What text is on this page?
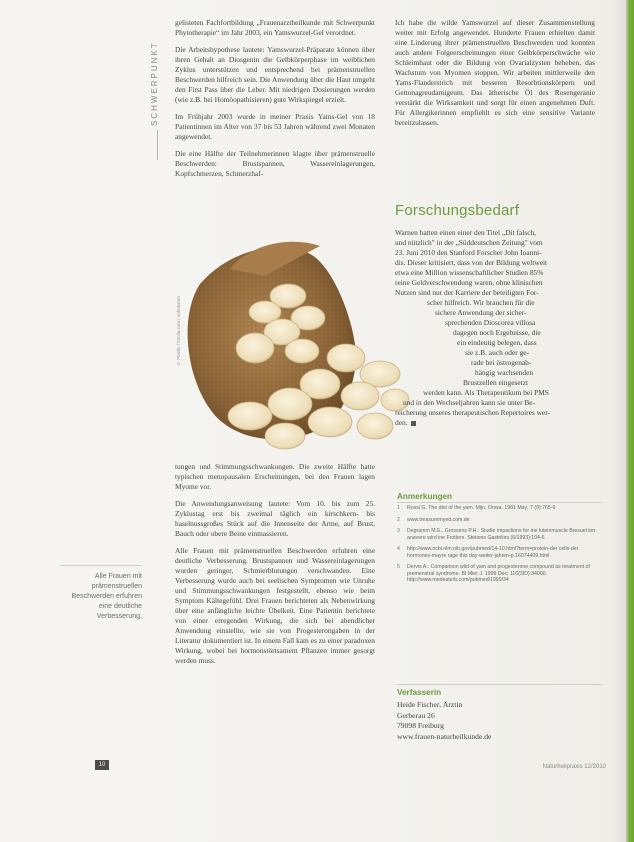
SCHWERPUNKT

gelisteten Fachfortbildung „Frauenarztheilkunde mit Schwerpunkt Phytotherapie“ im Jahr 2003, ein Yamswurzel-Gel verordnet.

Die Arbeitshypothese lautete: Yamswurzel-Präparate können über ihren Gehalt an Diosgenin die Gelbkörperphase im weiblichen Zyklus unterstützen und entsprechend bei prämenstruellen Beschwerden hilfreich sein. Die Anwendung über die Haut umgeht den First Pass über die Leber. Mit niedrigen Dosierungen werden (wie z.B. bei Homöopathisieren) gute Wirkspiegel erzielt.

Im Frühjahr 2003 wurde in meiner Praxis Yams-Gel von 18 Patientinnen im Alter von 37 bis 53 Jahren während zwei Monaten angewendet.

Die eine Hälfte der Teilnehmerinnen klagte über prämenstruelle Beschwerden: Brustspannen, Wassereinlagerungen, Kopfschmerzen, Schmerzhaf-

© Pixelio / fotolia.com / unbekannt

tungen und Stimmungsschwankungen. Die zweite Hälfte hatte typischen menopausalen Erscheinungen, bei den Frauen lagen Myome vor.

Die Anwendungsanweisung lautete: Vom 10. bis zum 25. Zyklustag erst bis zweimal täglich ein kirschkern- bis haselnussgroßes Stück auf die Innenseite der Arme, auf Brust, Bauch oder obere Beine einmassieren.

Alle Frauen mit prämenstruellen Beschwerden erfuhren eine deutliche Verbesserung. Brustspannen und Wassereinlagerungen wurden geringer, Schmierblutungen verschwanden. Eine Verbesserung wurde auch bei seelischen Symptomen wie Unruhe und Stimmungsschwankungen festgestellt, ebenso wie beim Symptom Kältegefühl. Drei Frauen berichteten als Nebenwirkung über eine anfängliche leichte Übelkeit. Eine Patientin berichtete von einer erregenden Wirkung, die sich bei abendlicher Anwendung einstellte, wie sie von Progesterongaben in der Literatur dokumentiert ist. In einem Fall kam es zu einer paradoxen Wirkung, wobei bei hormonstörtsamem Pflanzen immer gesorgt werden muss.

Alle Frauen mit prämenstruellen Beschwerden erfuhren eine deutliche Verbesserung.

Ich habe die wilde Yamswurzel auf dieser Zusammenstellung weiter mit Erfolg angewendet. Hunderte Frauen erhielten damit eine Linderung ihrer prämenstruellen Beschwerden und konnten auch andere Folgeerscheinungen einer Gelbkörperschwäche wie Schleimhaut oder die Bildung von Ovarialzysten beheben, das Wachstum von Myomen stoppen. Wir arbeiten mittlerweile den Yams-Flanderstrich mit besseren Resorbtionskörpern und Gettonagreudamigeum. Das ätherische Öl des Rosengeranie verstärkt die Wirksamkeit und sorgt für einen angenehmen Duft. Für Allergikerinnen empfiehlt es sich eine sensitive Variante bereitzulassen.

Forschungsbedarf
Warnen hatten einen einer den Titel „Dit falsch,
und nützlich" in der „Süddeutschen Zeitung" vom
23. Juni 2010 den Stanford Forscher John Ioanni-
dis. Dieser kritisiert, dass von der Bildung weltweit
etwa eine Million wissenschaftlicher Studien 85%
reine Geldverschwendung waren, ohne klinischen
Nutzen sind nur der Karriere der beteiligten For-
scher hilfreich. Wir brauchen für die
sichere Anwendung der sicher-
sprechenden Dioscorea villosa
dagegen noch Ergebnisse, die
ein eindeutig belegen, dass
sie z.B. auch oder ge-
rade bei östrogenab-
hängig wachsenden
Brustzellen eingesetzt
werden kann. Als Therapeutikum bei PMS
und in den Wechseljahren kann sie unter Be-
reicherung unseres therapeutischen Repertoires wer-
den.
Anmerkungen
1	Rossi G. The diet of the yam. Mijn. Onwa. 1981 May; 7 (9):765-9
2	www.treasuremyed.com.de
3	Degramm M.E., Grossens P.H.: Studie impactions for ine luteinmuscle Bresuel inn anavere wird ine Frotters. Stetions Gastrilies (6/1993):104-6
4	http://www.ncbi.nlm.nih.gov/pubmed/14-10.html?term=protein-der cells-der hormones-mayre rage this day-weiter-jahren-p.16074409.html
5	Dervis A.: Comparison wild of yam and progesterone compound as treatment of premenstral syndrome. BI Mier J. 1999 Dec; 116(3ID):34000. http://www.medeaterb.com/pubmed/1999/34
Verfasserin
Heide Fischer, Ärztin
Gerberau 26
79098 Freiburg
www.frauen-naturheilkunde.de
10	Naturheilpraxis 12/2010
